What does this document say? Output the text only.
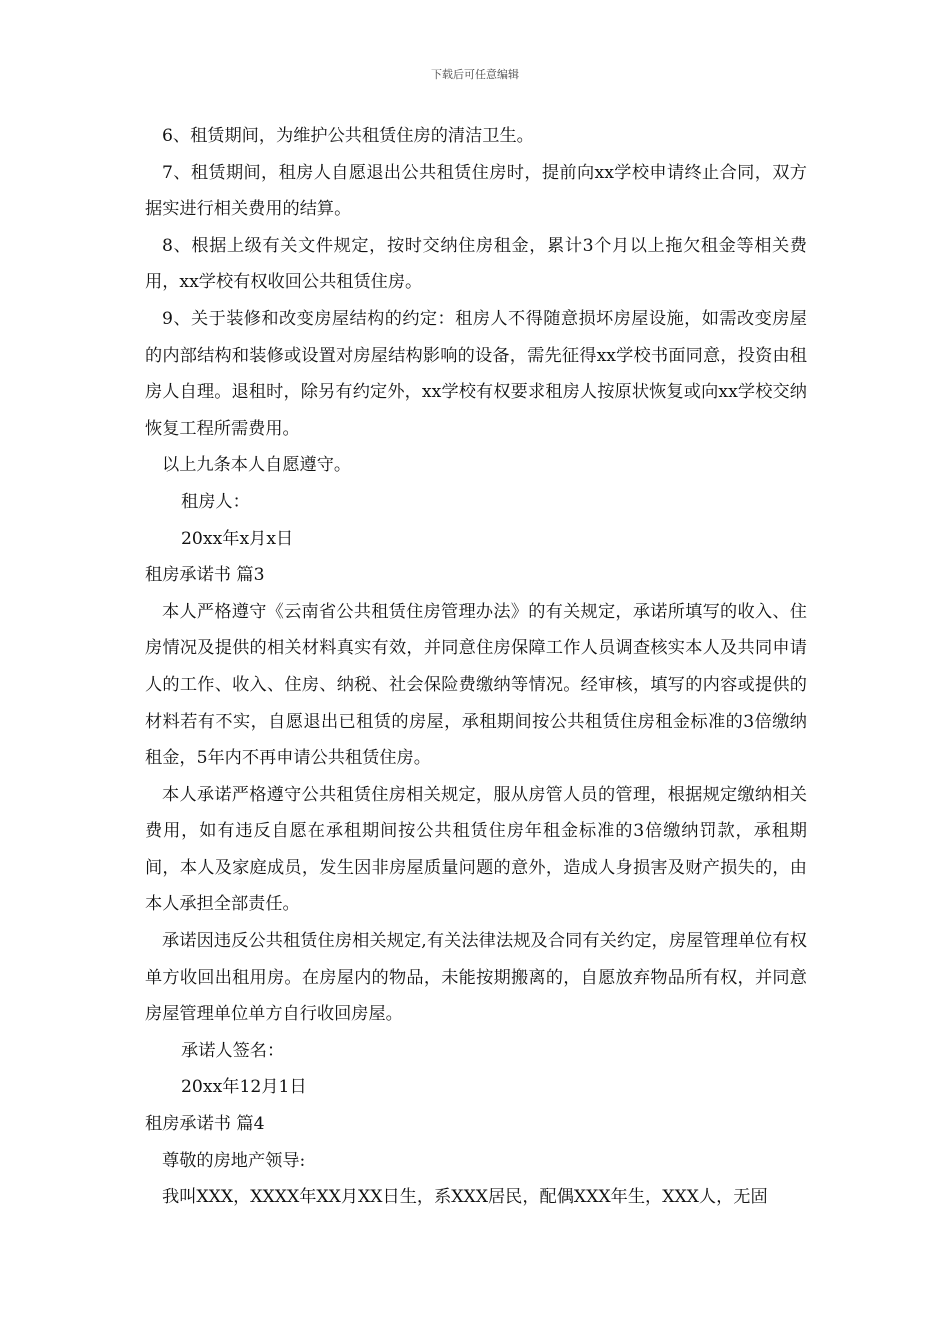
下载后可任意编辑

6、租赁期间，为维护公共租赁住房的清洁卫生。

7、租赁期间，租房人自愿退出公共租赁住房时，提前向xx学校申请终止合同，双方据实进行相关费用的结算。

8、根据上级有关文件规定，按时交纳住房租金，累计3个月以上拖欠租金等相关费用，xx学校有权收回公共租赁住房。

9、关于装修和改变房屋结构的约定：租房人不得随意损坏房屋设施，如需改变房屋的内部结构和装修或设置对房屋结构影响的设备，需先征得xx学校书面同意，投资由租房人自理。退租时，除另有约定外，xx学校有权要求租房人按原状恢复或向xx学校交纳恢复工程所需费用。

以上九条本人自愿遵守。

租房人：

20xx年x月x日

租房承诺书 篇3

本人严格遵守《云南省公共租赁住房管理办法》的有关规定，承诺所填写的收入、住房情况及提供的相关材料真实有效，并同意住房保障工作人员调查核实本人及共同申请人的工作、收入、住房、纳税、社会保险费缴纳等情况。经审核，填写的内容或提供的材料若有不实，自愿退出已租赁的房屋，承租期间按公共租赁住房租金标准的3倍缴纳租金，5年内不再申请公共租赁住房。

本人承诺严格遵守公共租赁住房相关规定，服从房管人员的管理，根据规定缴纳相关费用，如有违反自愿在承租期间按公共租赁住房年租金标准的3倍缴纳罚款，承租期间，本人及家庭成员，发生因非房屋质量问题的意外，造成人身损害及财产损失的，由本人承担全部责任。

承诺因违反公共租赁住房相关规定,有关法律法规及合同有关约定，房屋管理单位有权单方收回出租用房。在房屋内的物品，未能按期搬离的，自愿放弃物品所有权，并同意房屋管理单位单方自行收回房屋。

承诺人签名：

20xx年12月1日

租房承诺书 篇4

尊敬的房地产领导:

我叫XXX，XXXX年XX月XX日生，系XXX居民，配偶XXX年生，XXX人，无固
